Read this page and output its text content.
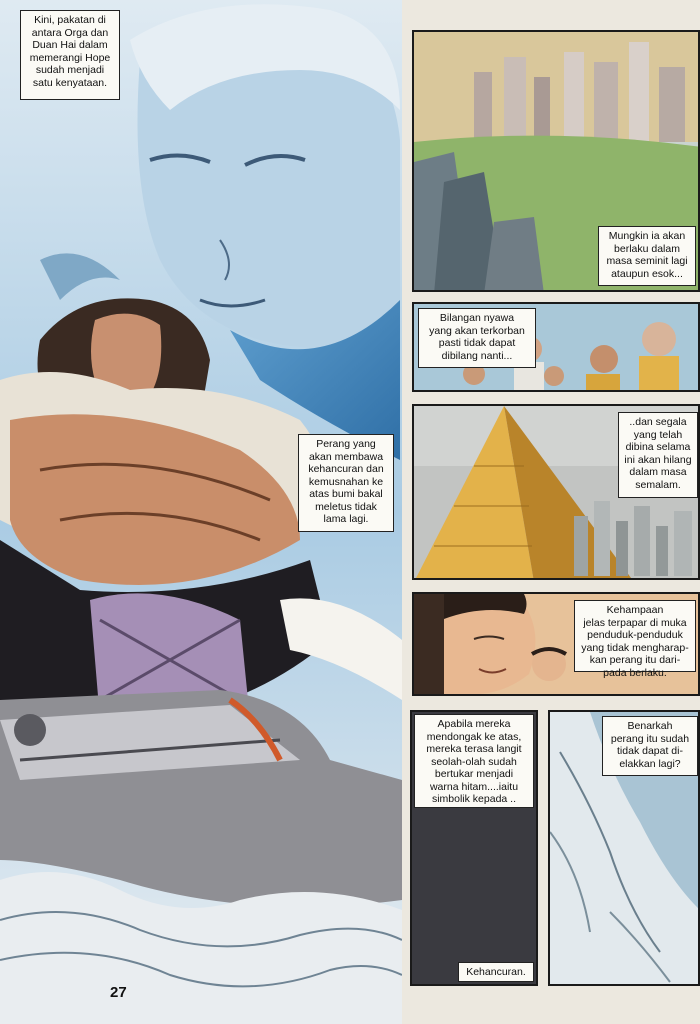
Kini, pakatan di
antara Orga dan
Duan Hai dalam
memerangi Hope
sudah menjadi
satu kenyataan.
Perang yang
akan membawa
kehancuran dan
kemusnahan ke
atas bumi bakal
meletus tidak
lama lagi.
27
Mungkin ia akan
berlaku dalam
masa seminit lagi
ataupun esok...
Bilangan nyawa
yang akan terkorban
pasti tidak dapat
dibilang nanti...
..dan segala
yang telah
dibina selama
ini akan hilang
dalam masa
semalam.
Kehampaan
jelas terpapar di muka
penduduk-penduduk
yang tidak mengharap-
kan perang itu dari-
pada berlaku.
Apabila mereka
mendongak ke atas,
mereka terasa langit
seolah-olah sudah
bertukar menjadi
warna hitam....iaitu
simbolik kepada ..
Kehancuran.
Benarkah
perang itu sudah
tidak dapat di-
elakkan lagi?
